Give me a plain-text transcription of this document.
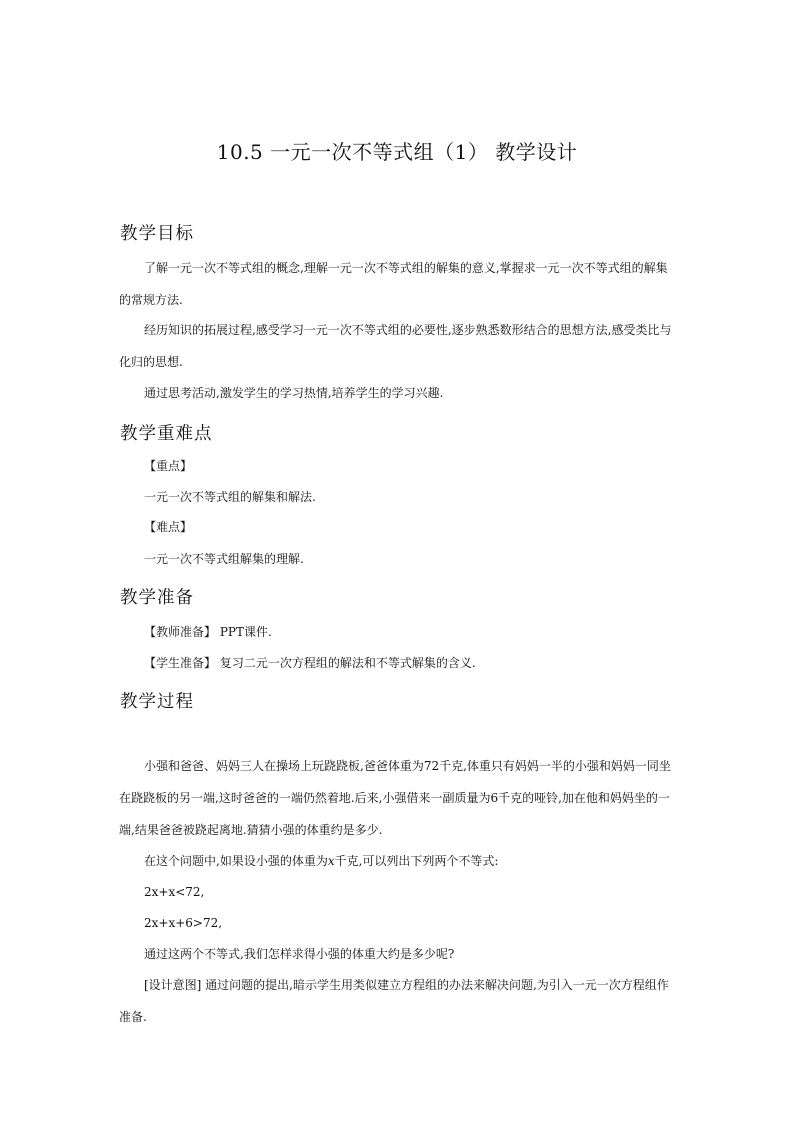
10.5 一元一次不等式组（1） 教学设计
教学目标
了解一元一次不等式组的概念,理解一元一次不等式组的解集的意义,掌握求一元一次不等式组的解集
的常规方法.
经历知识的拓展过程,感受学习一元一次不等式组的必要性,逐步熟悉数形结合的思想方法,感受类比与
化归的思想.
通过思考活动,激发学生的学习热情,培养学生的学习兴趣.
教学重难点
【重点】
一元一次不等式组的解集和解法.
【难点】
一元一次不等式组解集的理解.
教学准备
【教师准备】 PPT课件.
【学生准备】 复习二元一次方程组的解法和不等式解集的含义.
教学过程
小强和爸爸、妈妈三人在操场上玩跷跷板,爸爸体重为72千克,体重只有妈妈一半的小强和妈妈一同坐
在跷跷板的另一端,这时爸爸的一端仍然着地.后来,小强借来一副质量为6千克的哑铃,加在他和妈妈坐的一
端,结果爸爸被跷起离地.猜猜小强的体重约是多少.
在这个问题中,如果设小强的体重为x千克,可以列出下列两个不等式:
2x+x<72,
2x+x+6>72,
通过这两个不等式,我们怎样求得小强的体重大约是多少呢?
[设计意图] 通过问题的提出,暗示学生用类似建立方程组的办法来解决问题,为引入一元一次方程组作
准备.
